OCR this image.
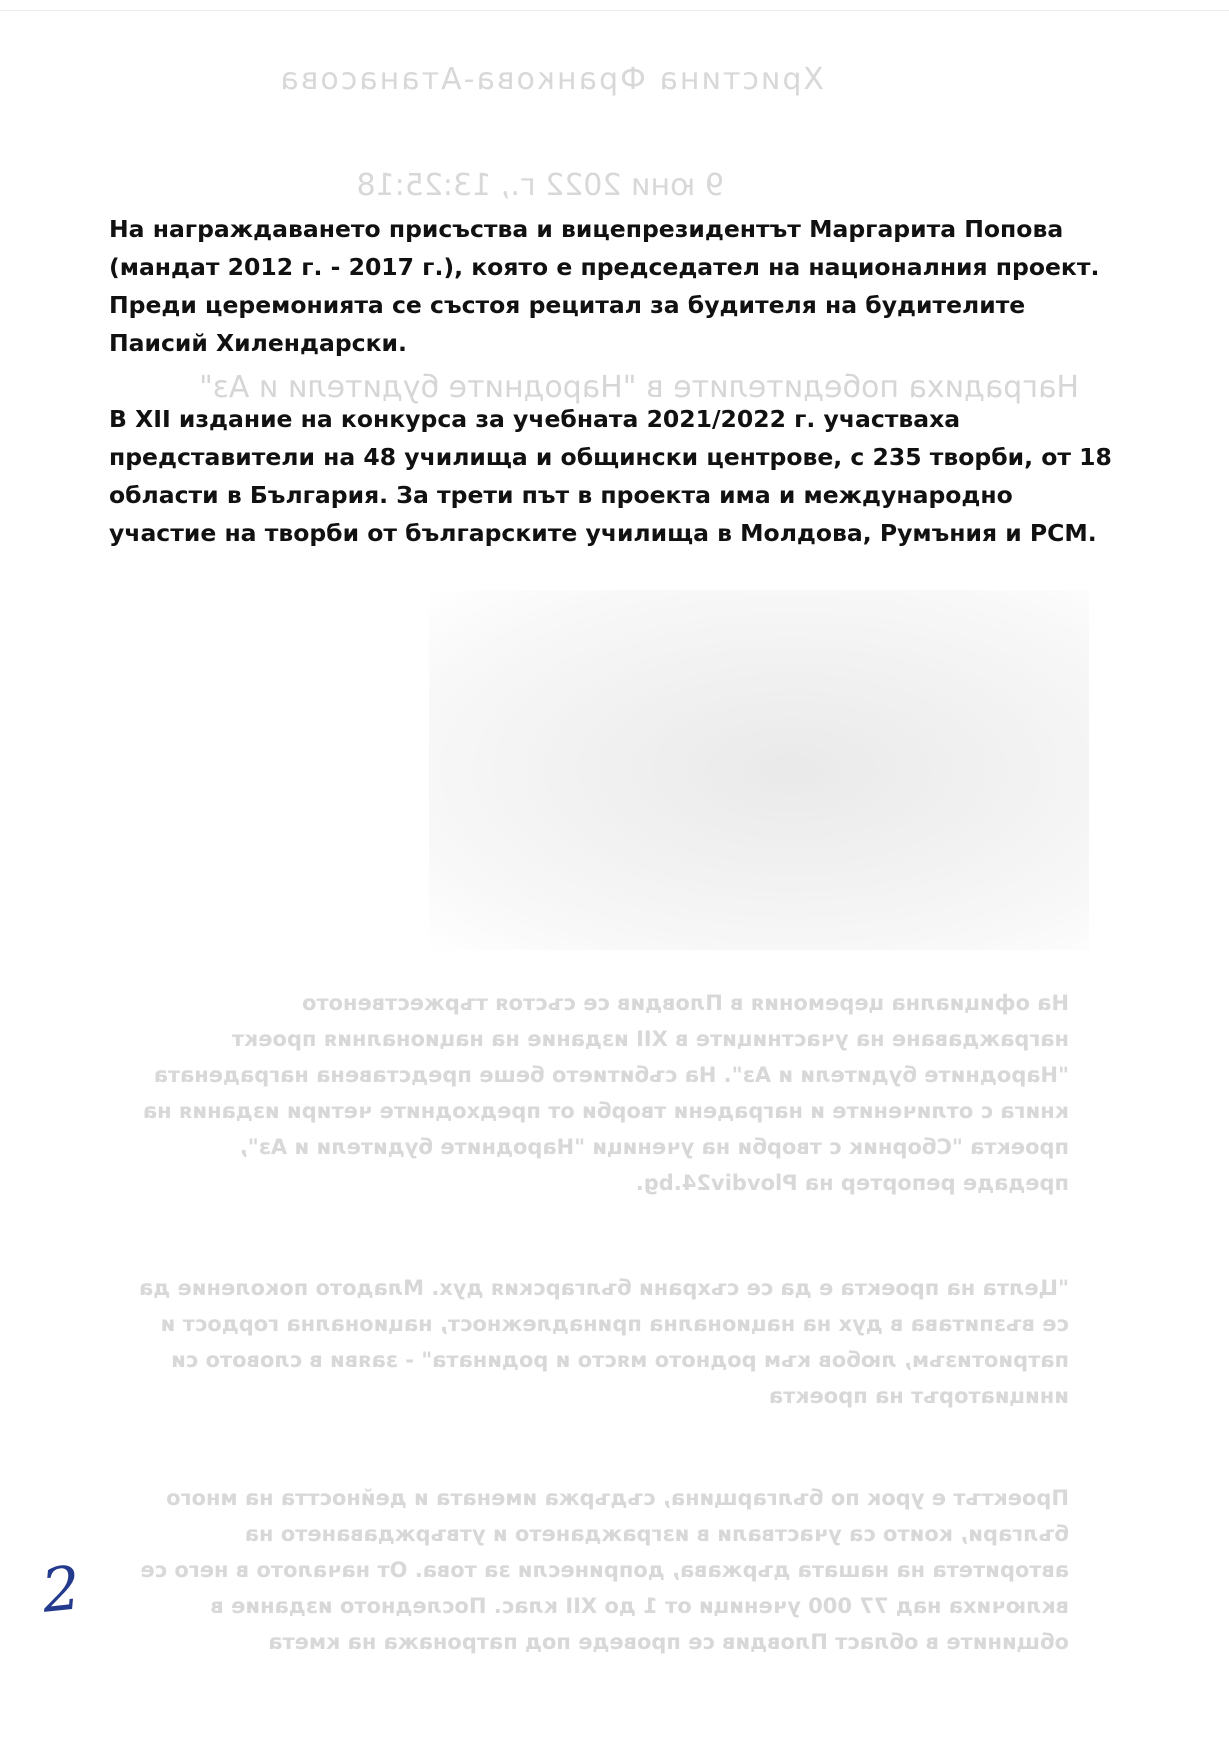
Христина Франкова-Атанасова
9 юни 2022 г., 13:25:18
Наградиха победителите в "Народните будители и Аз"
На официална церемония в Пловдив се състоя тържественото награждаване на участниците в XII издание на националния проект "Народните будители и Аз". На събитието беше представена наградената книга с отличените и наградени творби от предходните четири издания на проекта "Сборник с творби на ученици "Народните будители и Аз", предаде репортер на Plovdiv24.bg.
"Целта на проекта е да се съхрани българския дух. Младото поколение да се възпитава в дух на национална принадлежност, национална гордост и патриотизъм, любов към родното място и родината" - заяви в словото си инициаторът на проекта
Проектът е урок по българщина, съдържа имената и дейността на много българи, които са участвали в изграждането и утвърждаването на авторитета на нашата държава, допринесли за това. От началото в него се включиха над 77 000 ученици от 1 до XII клас. Последното издание в общините в област Пловдив се проведе под патронажа на кмета

На награждаването присъства и вицепрезидентът Маргарита Попова (мандат 2012 г. - 2017 г.), която е председател на националния проект. Преди церемонията се състоя рецитал за будителя на будителите Паисий Хилендарски.

В XII издание на конкурса за учебната 2021/2022 г. участваха представители на 48 училища и общински центрове, с 235 творби, от 18 области в България. За трети път в проекта има и международно участие на творби от българските училища в Молдова, Румъния и РСМ.

2
